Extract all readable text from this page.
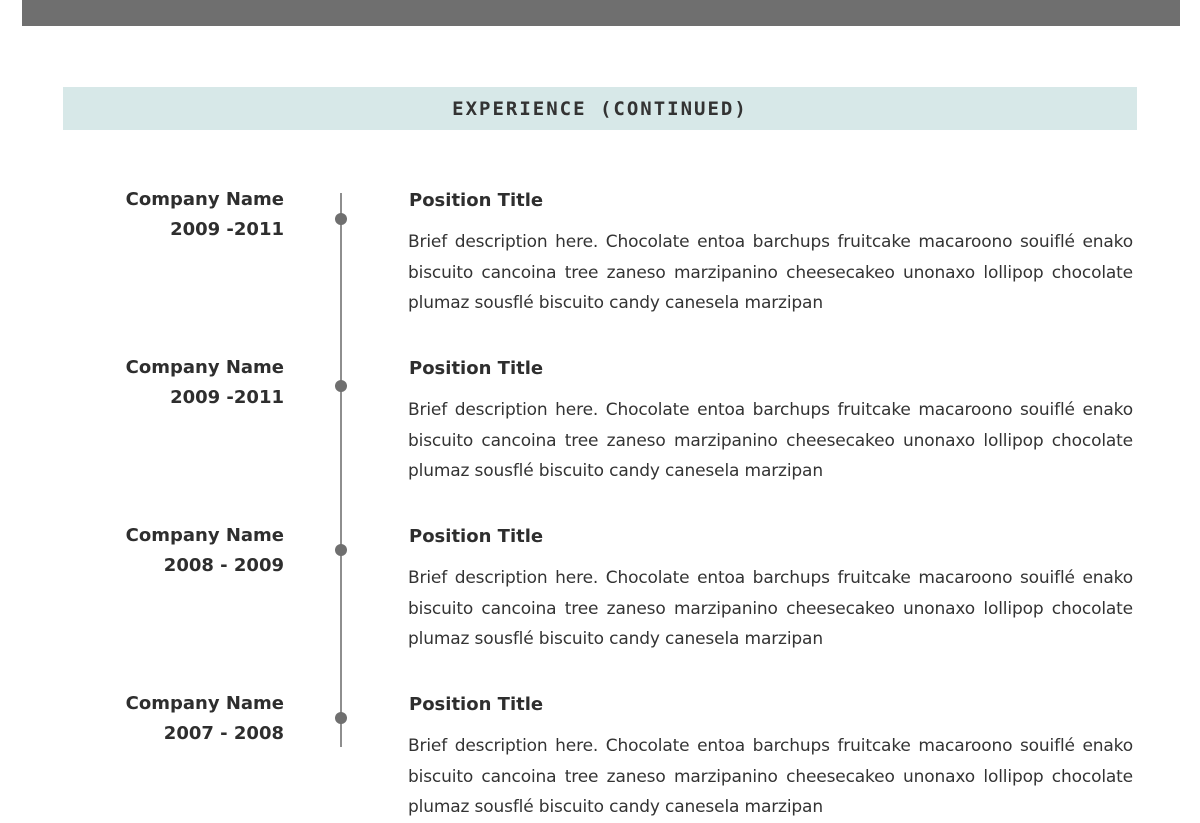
EXPERIENCE (CONTINUED)
Company Name
2009 -2011
Position Title

Brief description here. Chocolate entoa barchups fruitcake macaroono souiflé enako biscuito cancoina tree zaneso marzipanino cheesecakeo unonaxo lollipop chocolate plumaz sousflé biscuito candy canesela marzipan

Company Name
2009 -2011
Position Title

Brief description here. Chocolate entoa barchups fruitcake macaroono souiflé enako biscuito cancoina tree zaneso marzipanino cheesecakeo unonaxo lollipop chocolate plumaz sousflé biscuito candy canesela marzipan

Company Name
2008 - 2009
Position Title

Brief description here. Chocolate entoa barchups fruitcake macaroono souiflé enako biscuito cancoina tree zaneso marzipanino cheesecakeo unonaxo lollipop chocolate plumaz sousflé biscuito candy canesela marzipan

Company Name
2007 - 2008
Position Title

Brief description here. Chocolate entoa barchups fruitcake macaroono souiflé enako biscuito cancoina tree zaneso marzipanino cheesecakeo unonaxo lollipop chocolate plumaz sousflé biscuito candy canesela marzipan
